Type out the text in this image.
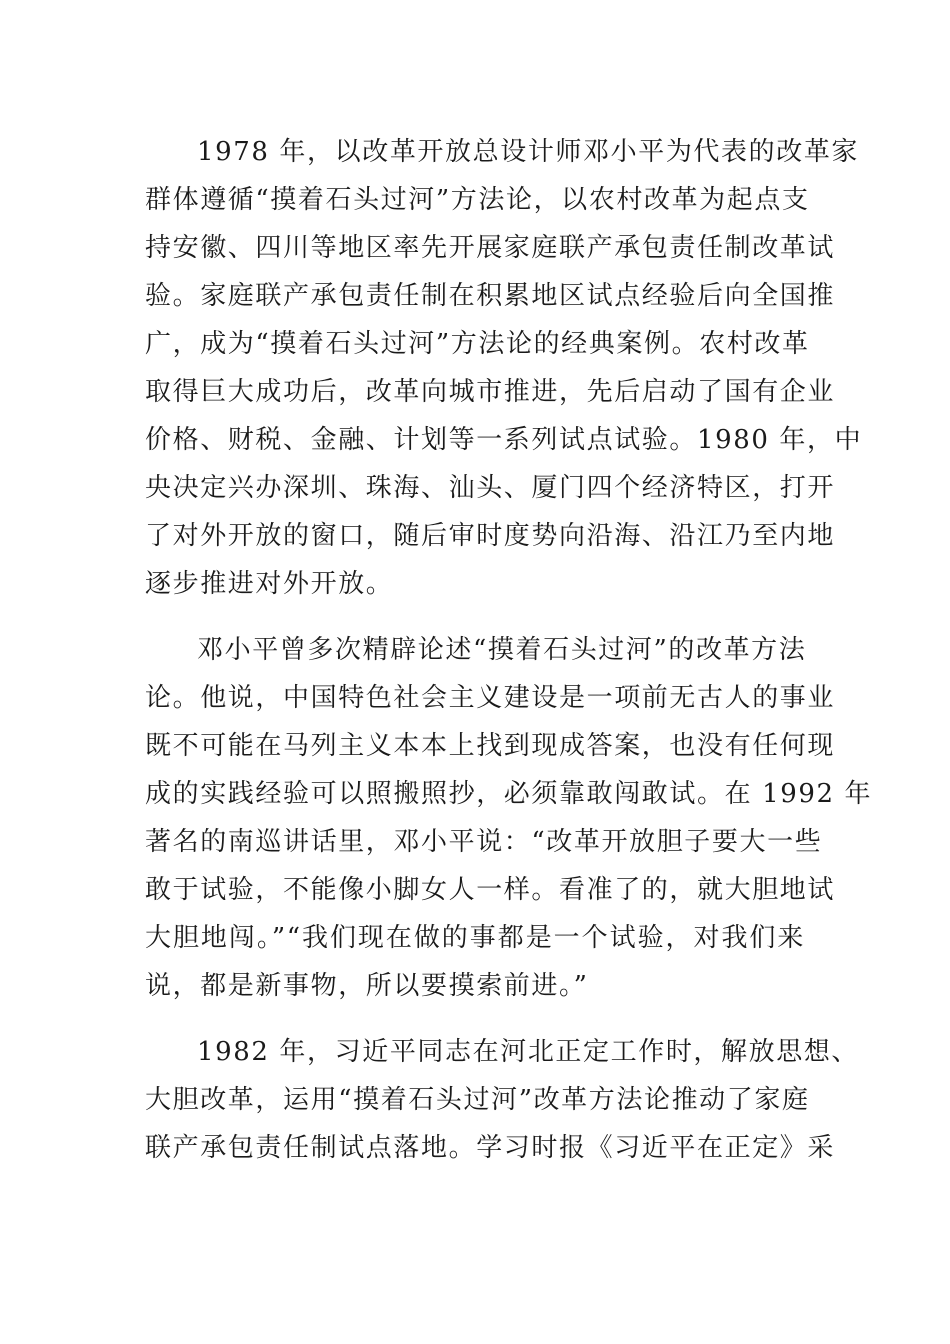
1978 年，以改革开放总设计师邓小平为代表的改革家
群体遵循“摸着石头过河”方法论，以农村改革为起点支
持安徽、四川等地区率先开展家庭联产承包责任制改革试
验。家庭联产承包责任制在积累地区试点经验后向全国推
广，成为“摸着石头过河”方法论的经典案例。农村改革
取得巨大成功后，改革向城市推进，先后启动了国有企业
价格、财税、金融、计划等一系列试点试验。1980 年，中
央决定兴办深圳、珠海、汕头、厦门四个经济特区，打开
了对外开放的窗口，随后审时度势向沿海、沿江乃至内地
逐步推进对外开放。
邓小平曾多次精辟论述“摸着石头过河”的改革方法
论。他说，中国特色社会主义建设是一项前无古人的事业
既不可能在马列主义本本上找到现成答案，也没有任何现
成的实践经验可以照搬照抄，必须靠敢闯敢试。在 1992 年
著名的南巡讲话里，邓小平说：“改革开放胆子要大一些
敢于试验，不能像小脚女人一样。看准了的，就大胆地试
大胆地闯。”“我们现在做的事都是一个试验，对我们来
说，都是新事物，所以要摸索前进。”
1982 年，习近平同志在河北正定工作时，解放思想、
大胆改革，运用“摸着石头过河”改革方法论推动了家庭
联产承包责任制试点落地。学习时报《习近平在正定》采
